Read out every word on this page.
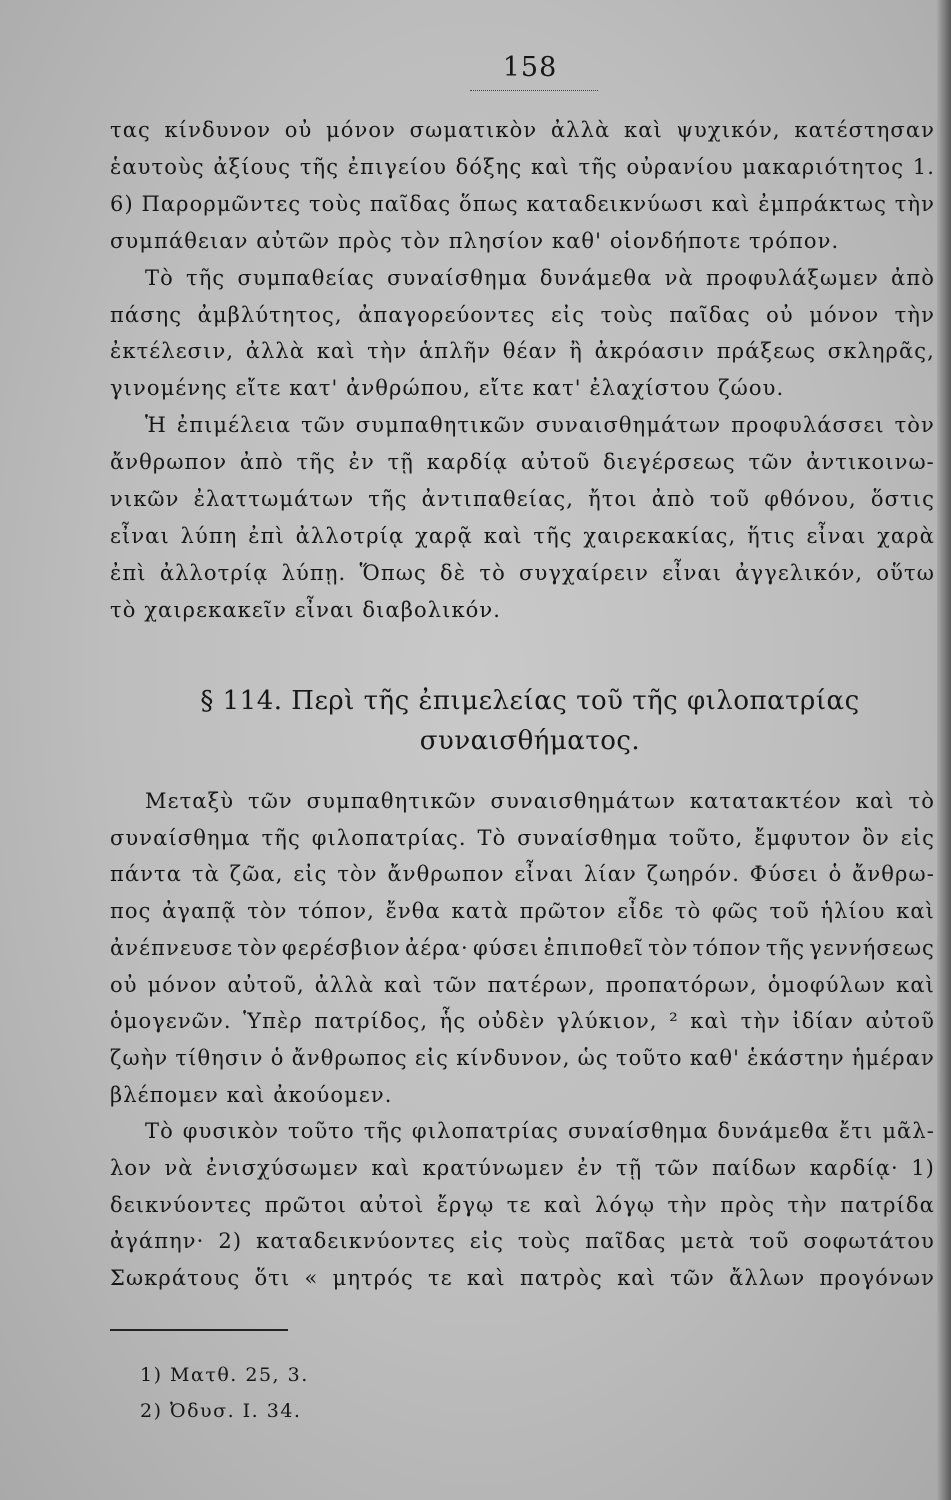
158
τας κίνδυνον οὐ μόνον σωματικὸν ἀλλὰ καὶ ψυχικόν, κατέστησαν
ἑαυτοὺς ἀξίους τῆς ἐπιγείου δόξης καὶ τῆς οὐρανίου μακαριότητος 1.
6) Παρορμῶντες τοὺς παῖδας ὅπως καταδεικνύωσι καὶ ἐμπράκτως τὴν
συμπάθειαν αὐτῶν πρὸς τὸν πλησίον καθ' οἱονδήποτε τρόπον.
Τὸ τῆς συμπαθείας συναίσθημα δυνάμεθα νὰ προφυλάξωμεν ἀπὸ
πάσης ἀμβλύτητος, ἀπαγορεύοντες εἰς τοὺς παῖδας οὐ μόνον τὴν
ἐκτέλεσιν, ἀλλὰ καὶ τὴν ἁπλῆν θέαν ἢ ἀκρόασιν πράξεως σκληρᾶς,
γινομένης εἴτε κατ' ἀνθρώπου, εἴτε κατ' ἐλαχίστου ζώου.
Ἡ ἐπιμέλεια τῶν συμπαθητικῶν συναισθημάτων προφυλάσσει τὸν
ἄνθρωπον ἀπὸ τῆς ἐν τῇ καρδίᾳ αὐτοῦ διεγέρσεως τῶν ἀντικοινω-
νικῶν ἐλαττωμάτων τῆς ἀντιπαθείας, ἤτοι ἀπὸ τοῦ φθόνου, ὅστις
εἶναι λύπη ἐπὶ ἀλλοτρίᾳ χαρᾷ καὶ τῆς χαιρεκακίας, ἥτις εἶναι χαρὰ
ἐπὶ ἀλλοτρίᾳ λύπῃ. Ὅπως δὲ τὸ συγχαίρειν εἶναι ἀγγελικόν, οὕτω
τὸ χαιρεκακεῖν εἶναι διαβολικόν.
§ 114. Περὶ τῆς ἐπιμελείας τοῦ τῆς φιλοπατρίας
συναισθήματος.
Μεταξὺ τῶν συμπαθητικῶν συναισθημάτων κατατακτέον καὶ τὸ
συναίσθημα τῆς φιλοπατρίας. Τὸ συναίσθημα τοῦτο, ἔμφυτον ὂν εἰς
πάντα τὰ ζῶα, εἰς τὸν ἄνθρωπον εἶναι λίαν ζωηρόν. Φύσει ὁ ἄνθρω-
πος ἀγαπᾷ τὸν τόπον, ἔνθα κατὰ πρῶτον εἶδε τὸ φῶς τοῦ ἡλίου καὶ
ἀνέπνευσε τὸν φερέσβιον ἀέρα· φύσει ἐπιποθεῖ τὸν τόπον τῆς γεννήσεως
οὐ μόνον αὐτοῦ, ἀλλὰ καὶ τῶν πατέρων, προπατόρων, ὁμοφύλων καὶ
ὁμογενῶν. Ὑπὲρ πατρίδος, ἧς οὐδὲν γλύκιον, ² καὶ τὴν ἰδίαν αὐτοῦ
ζωὴν τίθησιν ὁ ἄνθρωπος εἰς κίνδυνον, ὡς τοῦτο καθ' ἑκάστην ἡμέραν
βλέπομεν καὶ ἀκούομεν.
Τὸ φυσικὸν τοῦτο τῆς φιλοπατρίας συναίσθημα δυνάμεθα ἔτι μᾶλ-
λον νὰ ἐνισχύσωμεν καὶ κρατύνωμεν ἐν τῇ τῶν παίδων καρδίᾳ· 1)
δεικνύοντες πρῶτοι αὐτοὶ ἔργῳ τε καὶ λόγῳ τὴν πρὸς τὴν πατρίδα
ἀγάπην· 2) καταδεικνύοντες εἰς τοὺς παῖδας μετὰ τοῦ σοφωτάτου
Σωκράτους ὅτι « μητρός τε καὶ πατρὸς καὶ τῶν ἄλλων προγόνων
1) Ματθ. 25, 3.
2) Ὀδυσ. Ι. 34.
